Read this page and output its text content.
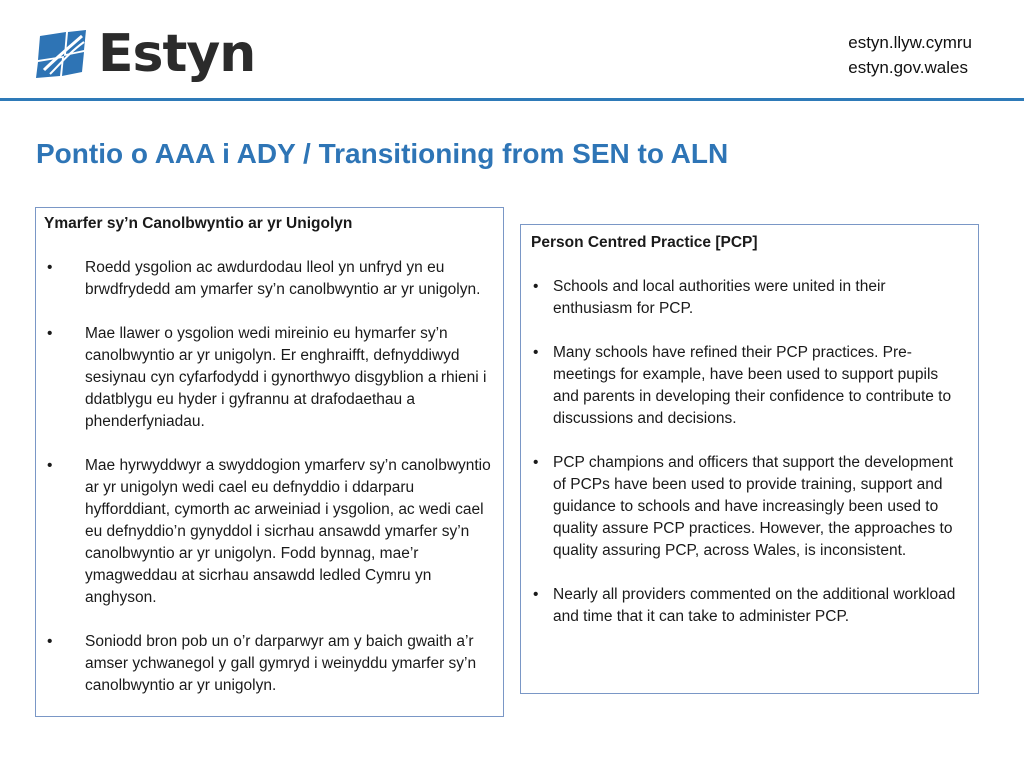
Estyn	estyn.llyw.cymru
estyn.gov.wales
Pontio o AAA i ADY / Transitioning from SEN to ALN
Ymarfer sy’n Canolbwyntio ar yr Unigolyn
• Roedd ysgolion ac awdurdodau lleol yn unfryd yn eu brwdfrydedd am ymarfer sy’n canolbwyntio ar yr unigolyn.
• Mae llawer o ysgolion wedi mireinio eu hymarfer sy’n canolbwyntio ar yr unigolyn. Er enghraifft, defnyddiwyd sesiynau cyn cyfarfodydd i gynorthwyo disgyblion a rhieni i ddatblygu eu hyder i gyfrannu at drafodaethau a phenderfyniadau.
• Mae hyrwyddwyr a swyddogion ymarferv sy’n canolbwyntio ar yr unigolyn wedi cael eu defnyddio i ddarparu hyfforddiant, cymorth ac arweiniad i ysgolion, ac wedi cael eu defnyddio’n gynyddol i sicrhau ansawdd ymarfer sy’n canolbwyntio ar yr unigolyn. Fodd bynnag, mae’r ymagweddau at sicrhau ansawdd ledled Cymru yn anghyson.
• Soniodd bron pob un o’r darparwyr am y baich gwaith a’r amser ychwanegol y gall gymryd i weinyddu ymarfer sy’n canolbwyntio ar yr unigolyn.
Person Centred Practice [PCP]
• Schools and local authorities were united in their enthusiasm for PCP.
• Many schools have refined their PCP practices. Pre-meetings for example, have been used to support pupils and parents in developing their confidence to contribute to discussions and decisions.
• PCP champions and officers that support the development of PCPs have been used to provide training, support and guidance to schools and have increasingly been used to quality assure PCP practices. However, the approaches to quality assuring PCP, across Wales, is inconsistent.
• Nearly all providers commented on the additional workload and time that it can take to administer PCP.
